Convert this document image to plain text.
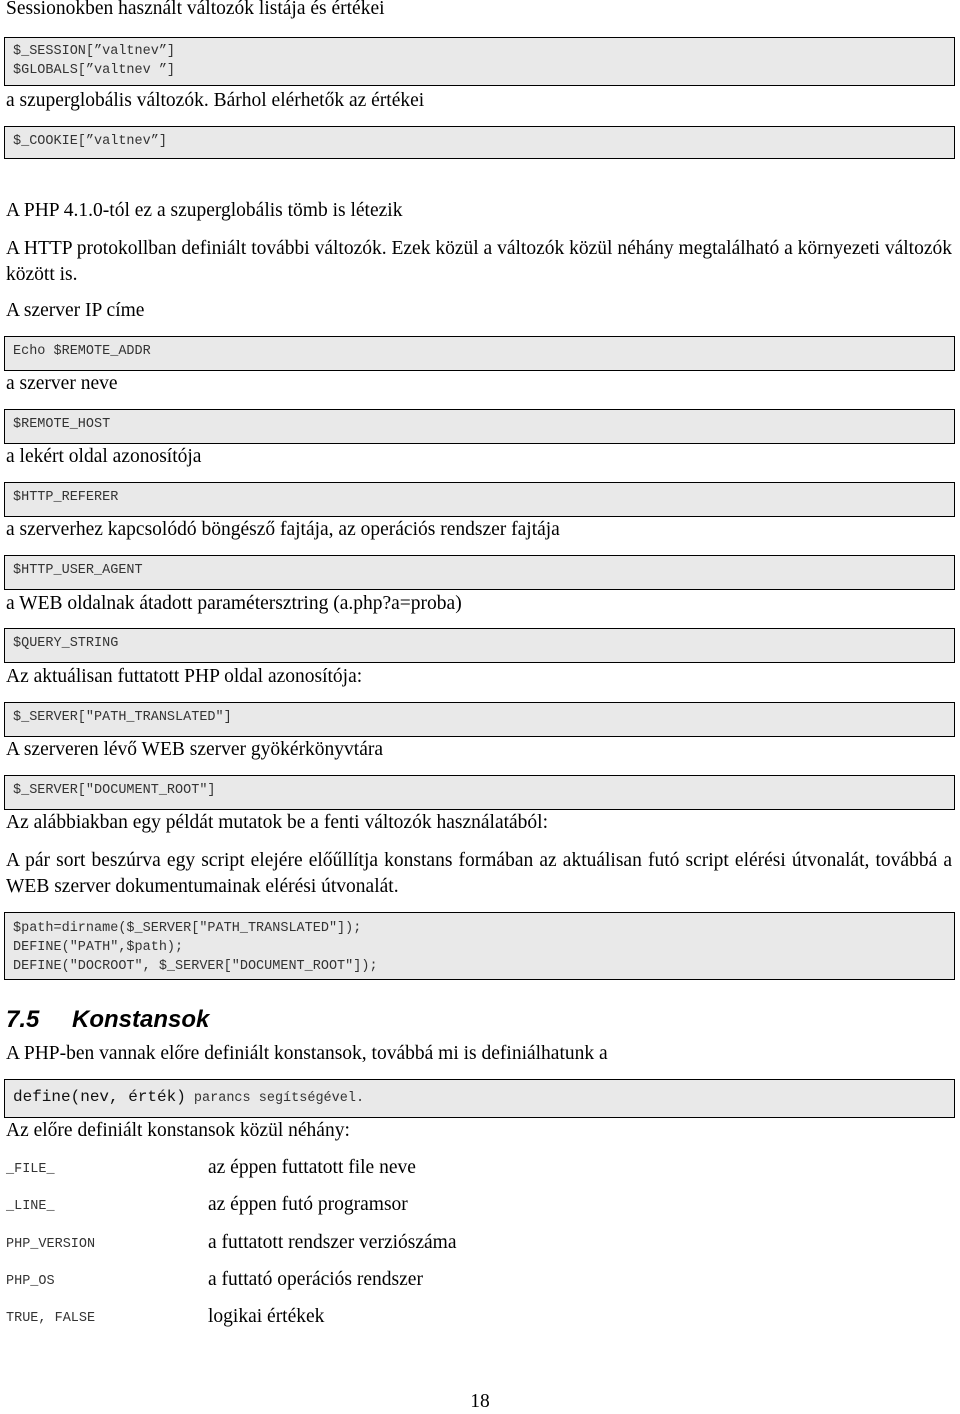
Sessionokben használt változók listája és értékei
$_SESSION[”valtnev”]
$GLOBALS[”valtnev ”]
a szuperglobális változók. Bárhol elérhetők az értékei
$_COOKIE[”valtnev”]
A PHP 4.1.0-tól ez a szuperglobális tömb is létezik
A HTTP protokollban definiált további változók. Ezek közül a változók közül néhány megtalálható a környezeti változók között is.
A szerver IP címe
Echo $REMOTE_ADDR
a szerver neve
$REMOTE_HOST
a lekért oldal azonosítója
$HTTP_REFERER
a szerverhez kapcsolódó böngésző fajtája, az operációs rendszer fajtája
$HTTP_USER_AGENT
a WEB oldalnak átadott paramétersztring (a.php?a=proba)
$QUERY_STRING
Az aktuálisan futtatott PHP oldal azonosítója:
$_SERVER["PATH_TRANSLATED"]
A szerveren lévő WEB szerver gyökérkönyvtára
$_SERVER["DOCUMENT_ROOT"]
Az alábbiakban egy példát mutatok be a fenti változók használatából:
A pár sort beszúrva egy script elejére előűllítja konstans formában az aktuálisan futó script elérési útvonalát, továbbá a WEB szerver dokumentumainak elérési útvonalát.
$path=dirname($_SERVER["PATH_TRANSLATED"]);
DEFINE("PATH",$path);
DEFINE("DOCROOT", $_SERVER["DOCUMENT_ROOT"]);
7.5 Konstansok
A PHP-ben vannak előre definiált konstansok, továbbá mi is definiálhatunk a
define(nev, érték) parancs segítségével.
Az előre definiált konstansok közül néhány:
_FILE_	az éppen futtatott file neve
_LINE_	az éppen futó programsor
PHP_VERSION	a futtatott rendszer verziószáma
PHP_OS	a futtató operációs rendszer
TRUE, FALSE	logikai értékek
18
